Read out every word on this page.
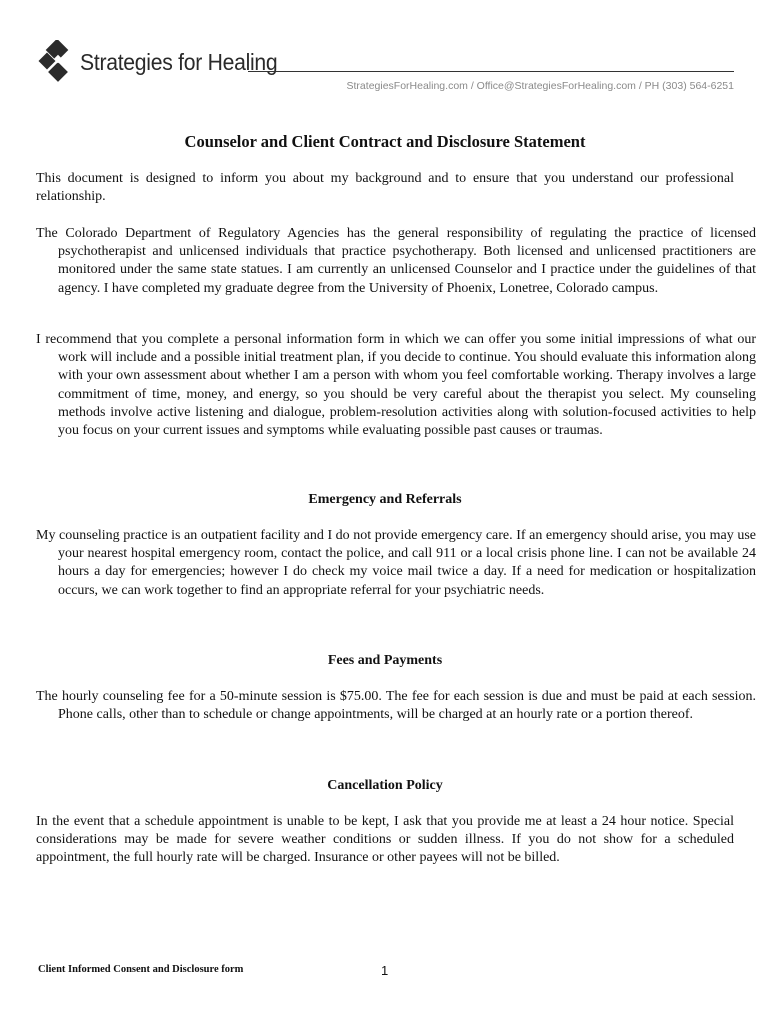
Strategies for Healing
StrategiesForHealing.com / Office@StrategiesForHealing.com / PH (303) 564-6251
Counselor and Client Contract and Disclosure Statement

This document is designed to inform you about my background and to ensure that you understand our professional relationship.

The Colorado Department of Regulatory Agencies has the general responsibility of regulating the practice of licensed psychotherapist and unlicensed individuals that practice psychotherapy. Both licensed and unlicensed practitioners are monitored under the same state statues. I am currently an unlicensed Counselor and I practice under the guidelines of that agency. I have completed my graduate degree from the University of Phoenix, Lonetree, Colorado campus.

I recommend that you complete a personal information form in which we can offer you some initial impressions of what our work will include and a possible initial treatment plan, if you decide to continue. You should evaluate this information along with your own assessment about whether I am a person with whom you feel comfortable working. Therapy involves a large commitment of time, money, and energy, so you should be very careful about the therapist you select. My counseling methods involve active listening and dialogue, problem-resolution activities along with solution-focused activities to help you focus on your current issues and symptoms while evaluating possible past causes or traumas.

Emergency and Referrals

My counseling practice is an outpatient facility and I do not provide emergency care. If an emergency should arise, you may use your nearest hospital emergency room, contact the police, and call 911 or a local crisis phone line. I can not be available 24 hours a day for emergencies; however I do check my voice mail twice a day. If a need for medication or hospitalization occurs, we can work together to find an appropriate referral for your psychiatric needs.

Fees and Payments

The hourly counseling fee for a 50-minute session is $75.00. The fee for each session is due and must be paid at each session. Phone calls, other than to schedule or change appointments, will be charged at an hourly rate or a portion thereof.

Cancellation Policy

In the event that a schedule appointment is unable to be kept, I ask that you provide me at least a 24 hour notice. Special considerations may be made for severe weather conditions or sudden illness. If you do not show for a scheduled appointment, the full hourly rate will be charged. Insurance or other payees will not be billed.

Client Informed Consent and Disclosure form	1
